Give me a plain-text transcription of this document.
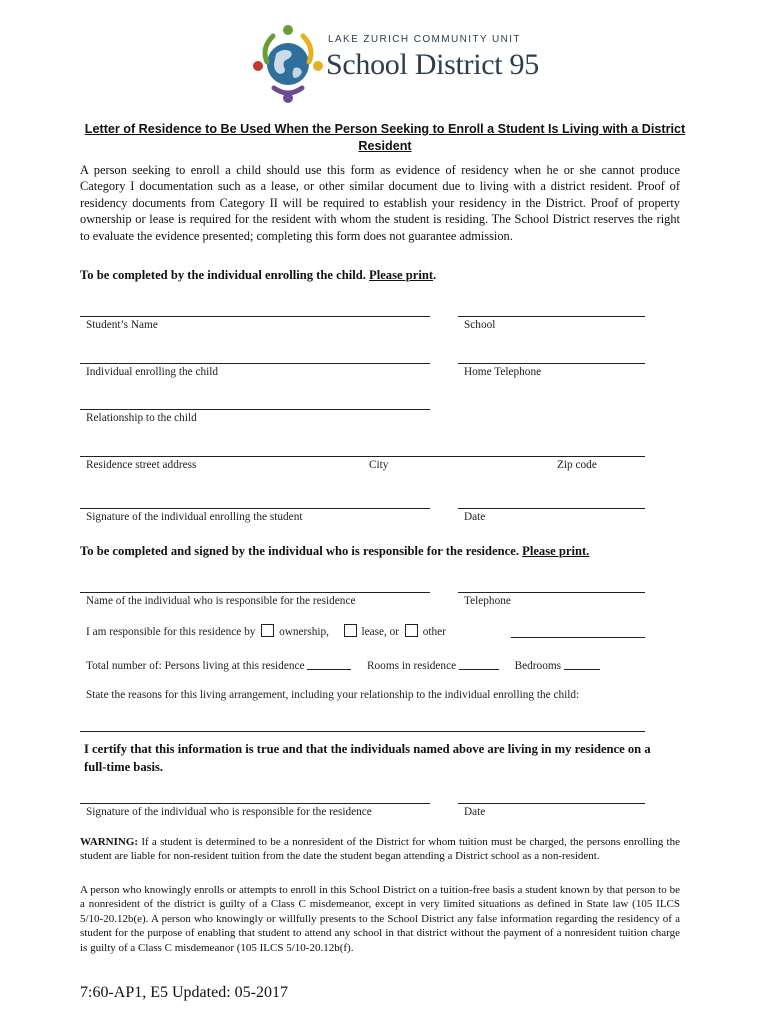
LAKE ZURICH COMMUNITY UNIT
School District 95
Letter of Residence to Be Used When the Person Seeking to Enroll a Student Is Living with a District Resident
A person seeking to enroll a child should use this form as evidence of residency when he or she cannot produce Category I documentation such as a lease, or other similar document due to living with a district resident. Proof of residency documents from Category II will be required to establish your residency in the District. Proof of property ownership or lease is required for the resident with whom the student is residing. The School District reserves the right to evaluate the evidence presented; completing this form does not guarantee admission.
To be completed by the individual enrolling the child. Please print.
Student’s Name	School
Individual enrolling the child	Home Telephone
Relationship to the child
Residence street address	City	Zip code
Signature of the individual enrolling the student	Date
To be completed and signed by the individual who is responsible for the residence. Please print.
Name of the individual who is responsible for the residence	Telephone
I am responsible for this residence by ownership,	lease, or other
Total number of: Persons living at this residence	Rooms in residence	Bedrooms
State the reasons for this living arrangement, including your relationship to the individual enrolling the child:
I certify that this information is true and that the individuals named above are living in my residence on a full-time basis.
Signature of the individual who is responsible for the residence	Date
WARNING: If a student is determined to be a nonresident of the District for whom tuition must be charged, the persons enrolling the student are liable for non-resident tuition from the date the student began attending a District school as a non-resident.
A person who knowingly enrolls or attempts to enroll in this School District on a tuition-free basis a student known by that person to be a nonresident of the district is guilty of a Class C misdemeanor, except in very limited situations as defined in State law (105 ILCS 5/10-20.12b(e). A person who knowingly or willfully presents to the School District any false information regarding the residency of a student for the purpose of enabling that student to attend any school in that district without the payment of a nonresident tuition charge is guilty of a Class C misdemeanor (105 ILCS 5/10-20.12b(f).
7:60-AP1, E5 Updated: 05-2017
